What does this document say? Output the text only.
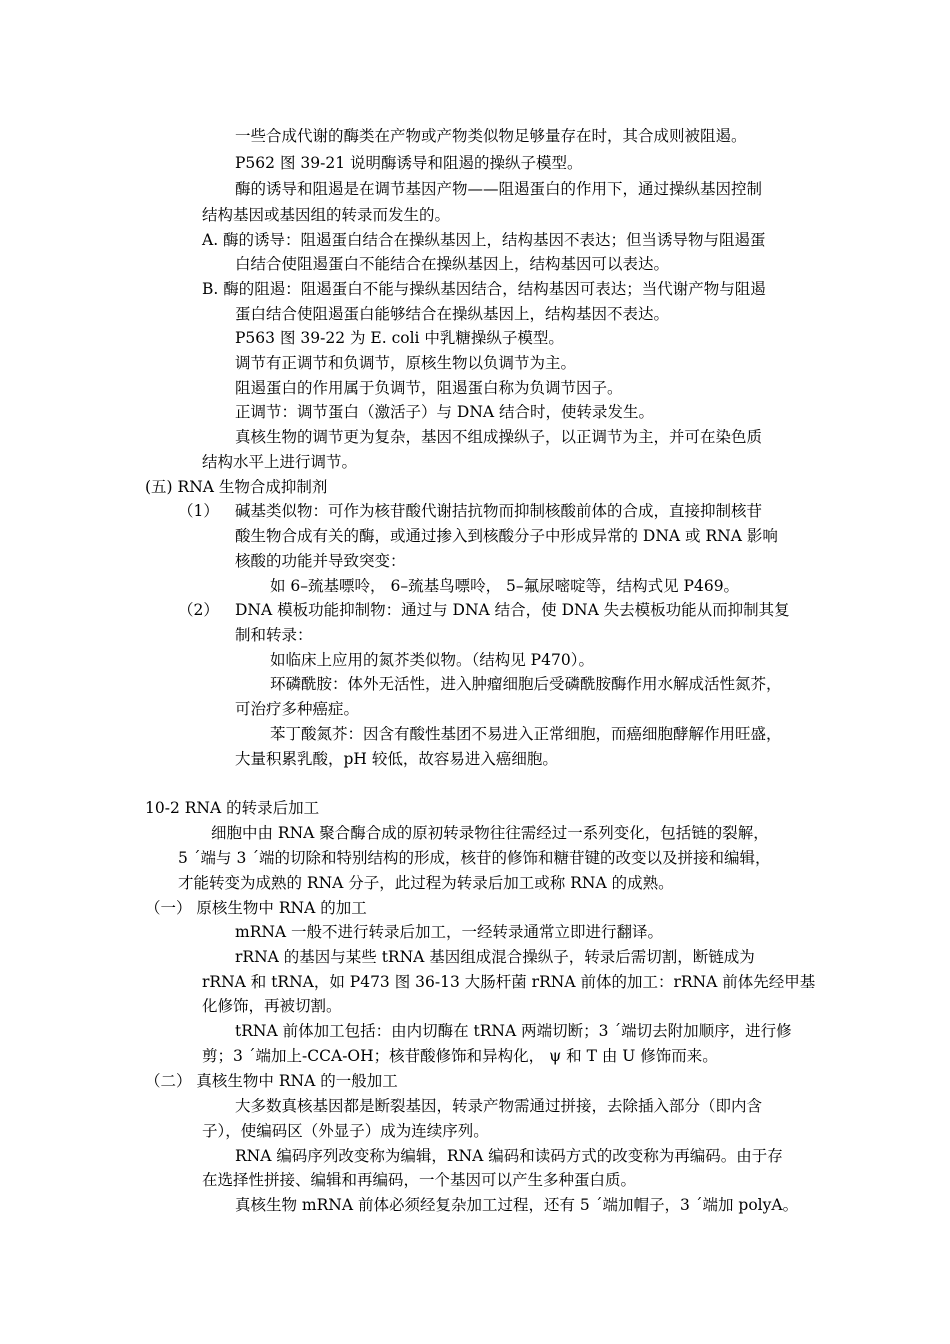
一些合成代谢的酶类在产物或产物类似物足够量存在时，其合成则被阻遏。
P562 图 39-21 说明酶诱导和阻遏的操纵子模型。
酶的诱导和阻遏是在调节基因产物——阻遏蛋白的作用下，通过操纵基因控制
结构基因或基因组的转录而发生的。
A. 酶的诱导：阻遏蛋白结合在操纵基因上，结构基因不表达；但当诱导物与阻遏蛋
白结合使阻遏蛋白不能结合在操纵基因上，结构基因可以表达。
B. 酶的阻遏：阻遏蛋白不能与操纵基因结合，结构基因可表达；当代谢产物与阻遏
蛋白结合使阻遏蛋白能够结合在操纵基因上，结构基因不表达。
P563 图 39-22 为 E. coli 中乳糖操纵子模型。
调节有正调节和负调节，原核生物以负调节为主。
阻遏蛋白的作用属于负调节，阻遏蛋白称为负调节因子。
正调节：调节蛋白（激活子）与 DNA 结合时，使转录发生。
真核生物的调节更为复杂，基因不组成操纵子，以正调节为主，并可在染色质
结构水平上进行调节。
(五) RNA 生物合成抑制剂
（1） 碱基类似物：可作为核苷酸代谢拮抗物而抑制核酸前体的合成，直接抑制核苷
酸生物合成有关的酶，或通过掺入到核酸分子中形成异常的 DNA 或 RNA 影响
核酸的功能并导致突变：
如 6–巯基嘌呤， 6–巯基鸟嘌呤， 5–氟尿嘧啶等，结构式见 P469。
（2） DNA 模板功能抑制物：通过与 DNA 结合，使 DNA 失去模板功能从而抑制其复
制和转录：
如临床上应用的氮芥类似物。（结构见 P470）。
环磷酰胺：体外无活性，进入肿瘤细胞后受磷酰胺酶作用水解成活性氮芥，
可治疗多种癌症。
苯丁酸氮芥：因含有酸性基团不易进入正常细胞，而癌细胞酵解作用旺盛，
大量积累乳酸，pH 较低，故容易进入癌细胞。
10-2 RNA 的转录后加工
细胞中由 RNA 聚合酶合成的原初转录物往往需经过一系列变化，包括链的裂解，
5 ˊ端与 3 ˊ端的切除和特别结构的形成，核苷的修饰和糖苷键的改变以及拼接和编辑，
才能转变为成熟的 RNA 分子，此过程为转录后加工或称 RNA 的成熟。
（一） 原核生物中 RNA 的加工
mRNA 一般不进行转录后加工，一经转录通常立即进行翻译。
rRNA 的基因与某些 tRNA 基因组成混合操纵子，转录后需切割，断链成为
rRNA 和 tRNA，如 P473 图 36-13 大肠杆菌 rRNA 前体的加工：rRNA 前体先经甲基
化修饰，再被切割。
tRNA 前体加工包括：由内切酶在 tRNA 两端切断；3 ˊ端切去附加顺序，进行修
剪；3 ˊ端加上-CCA-OH；核苷酸修饰和异构化， ψ 和 T 由 U 修饰而来。
（二） 真核生物中 RNA 的一般加工
大多数真核基因都是断裂基因，转录产物需通过拼接，去除插入部分（即内含
子），使编码区（外显子）成为连续序列。
RNA 编码序列改变称为编辑，RNA 编码和读码方式的改变称为再编码。由于存
在选择性拼接、编辑和再编码，一个基因可以产生多种蛋白质。
真核生物 mRNA 前体必须经复杂加工过程，还有 5 ˊ端加帽子，3 ˊ端加 polyA。
